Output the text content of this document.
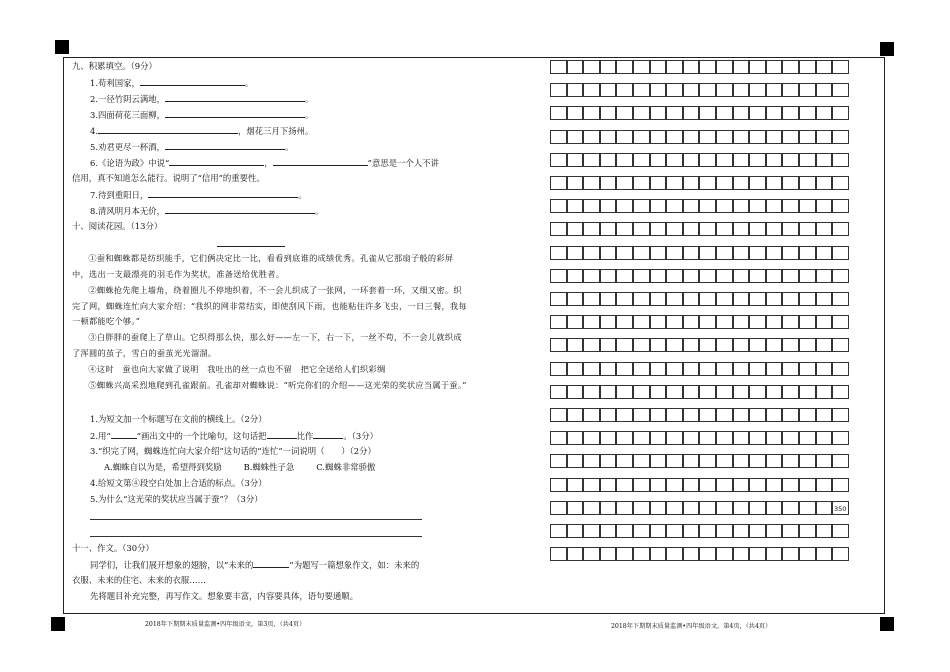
九、积累填空。（9分）
1.苟利国家，	。
2.一径竹阴云满地，	。
3.四面荷花三面柳，	。
4.	，烟花三月下扬州。
5.劝君更尽一杯酒，	。
6.《论语为政》中说“	，	”意思是一个人不讲
信用，真不知道怎么能行。说明了“信用”的重要性。
7.待到重阳日，	。
8.清风明月本无价，	。
十、阅读花园。（13分）
①蚕和蜘蛛都是纺织能手，它们俩决定比一比，看看到底谁的成绩优秀。孔雀从它那扇子般的彩屏中，选出一支最漂亮的羽毛作为奖状，准备送给优胜者。
②蜘蛛抢先爬上墙角，绕着圈儿不停地织着，不一会儿织成了一张网，一环套着一环，又细又密。织完了网，蜘蛛连忙向大家介绍：“我织的网非常结实，即使刮风下雨，也能粘住许多飞虫，一日三餐，我每一顿都能吃个够。”
③白胖胖的蚕爬上了草山。它织得那么快，那么好——左一下，右一下，一丝不苟，不一会儿就织成了浑圆的茧子，雪白的蚕茧光光溜溜。
④这时　蚕也向大家做了说明　我吐出的丝一点也不留　把它全送给人们织彩绸
⑤蜘蛛兴高采烈地爬到孔雀跟前。孔雀却对蜘蛛说：“听完你们的介绍——这光荣的奖状应当属于蚕。”
1.为短文加一个标题写在文前的横线上。（2分）
2.用“	”画出文中的一个比喻句，这句话把	比作	。（3分）
3.“织完了网，蜘蛛连忙向大家介绍”这句话的“连忙”一词说明（　　）（2分）
A.蜘蛛自以为是，希望得到奖励	B.蜘蛛性子急	C.蜘蛛非常骄傲
4.给短文第④段空白处加上合适的标点。（3分）
5.为什么“这光荣的奖状应当属于蚕”？（3分）
十一、作文。（30分）
同学们，让我们展开想象的翅膀，以“未来的	”为题写一篇想象作文，如：未来的
衣服、未来的住宅、未来的衣服……
先将题目补充完整，再写作文。想象要丰富，内容要具体，语句要通顺。
350
2018年下期期末质量监测•四年级语文，第3页，（共4页）	2018年下期期末质量监测•四年级语文，第4页，（共4页）
